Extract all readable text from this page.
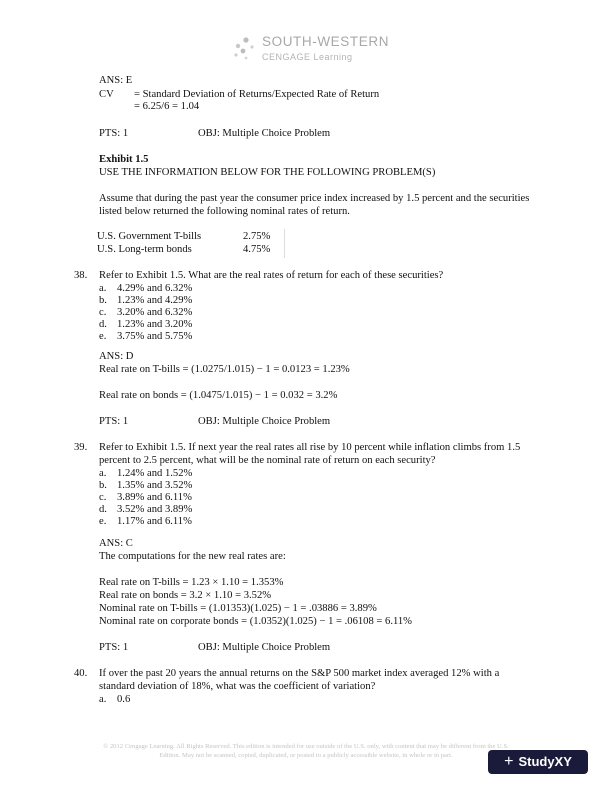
SOUTH-WESTERN
CENGAGE Learning
ANS: E
CV = Standard Deviation of Returns/Expected Rate of Return
= 6.25/6 = 1.04
PTS: 1	OBJ: Multiple Choice Problem
Exhibit 1.5
USE THE INFORMATION BELOW FOR THE FOLLOWING PROBLEM(S)
Assume that during the past year the consumer price index increased by 1.5 percent and the securities
listed below returned the following nominal rates of return.
U.S. Government T-bills	2.75%
U.S. Long-term bonds	4.75%
38. Refer to Exhibit 1.5. What are the real rates of return for each of these securities?
a. 4.29% and 6.32%
b. 1.23% and 4.29%
c. 3.20% and 6.32%
d. 1.23% and 3.20%
e. 3.75% and 5.75%
ANS: D
Real rate on T-bills = (1.0275/1.015) − 1 = 0.0123 = 1.23%
Real rate on bonds = (1.0475/1.015) − 1 = 0.032 = 3.2%
PTS: 1	OBJ: Multiple Choice Problem
39. Refer to Exhibit 1.5. If next year the real rates all rise by 10 percent while inflation climbs from 1.5
percent to 2.5 percent, what will be the nominal rate of return on each security?
a. 1.24% and 1.52%
b. 1.35% and 3.52%
c. 3.89% and 6.11%
d. 3.52% and 3.89%
e. 1.17% and 6.11%
ANS: C
The computations for the new real rates are:
Real rate on T-bills = 1.23 × 1.10 = 1.353%
Real rate on bonds = 3.2 × 1.10 = 3.52%
Nominal rate on T-bills = (1.01353)(1.025) − 1 = .03886 = 3.89%
Nominal rate on corporate bonds = (1.0352)(1.025) − 1 = .06108 = 6.11%
PTS: 1	OBJ: Multiple Choice Problem
40. If over the past 20 years the annual returns on the S&P 500 market index averaged 12% with a
standard deviation of 18%, what was the coefficient of variation?
a. 0.6
© 2012 Cengage Learning. All Rights Reserved. This edition is intended for use outside of the U.S. only, with content that may be different from the U.S.
Edition. May not be scanned, copied, duplicated, or posted to a publicly accessible website, in whole or in part.	+ StudyXY
